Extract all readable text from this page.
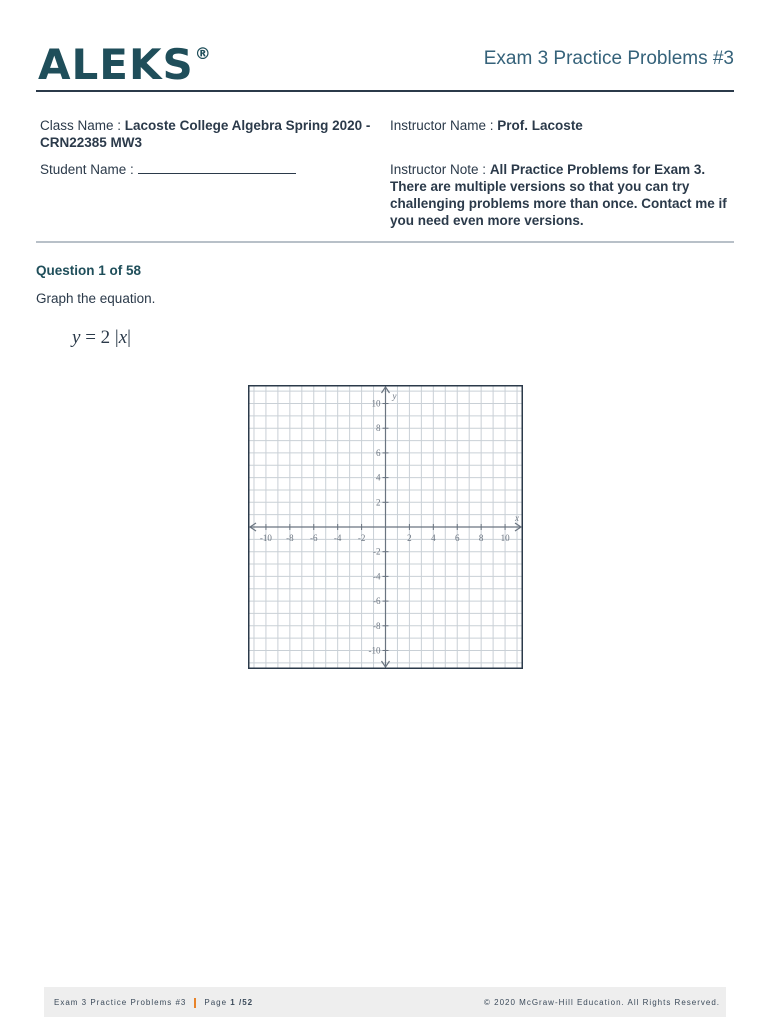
ALEKS®	Exam 3 Practice Problems #3
Class Name : Lacoste College Algebra Spring 2020 - CRN22385 MW3
Student Name :
Instructor Name : Prof. Lacoste
Instructor Note : All Practice Problems for Exam 3. There are multiple versions so that you can try challenging problems more than once. Contact me if you need even more versions.
Question 1 of 58
Graph the equation.
y = 2 |x|
-10 -8 -6 -4 -2	2 4 6 8 10
10
8
6
4
2
-2
-4
-6
-8
-10
x
y
Exam 3 Practice Problems #3 Page 1 /52	© 2020 McGraw-Hill Education. All Rights Reserved.
